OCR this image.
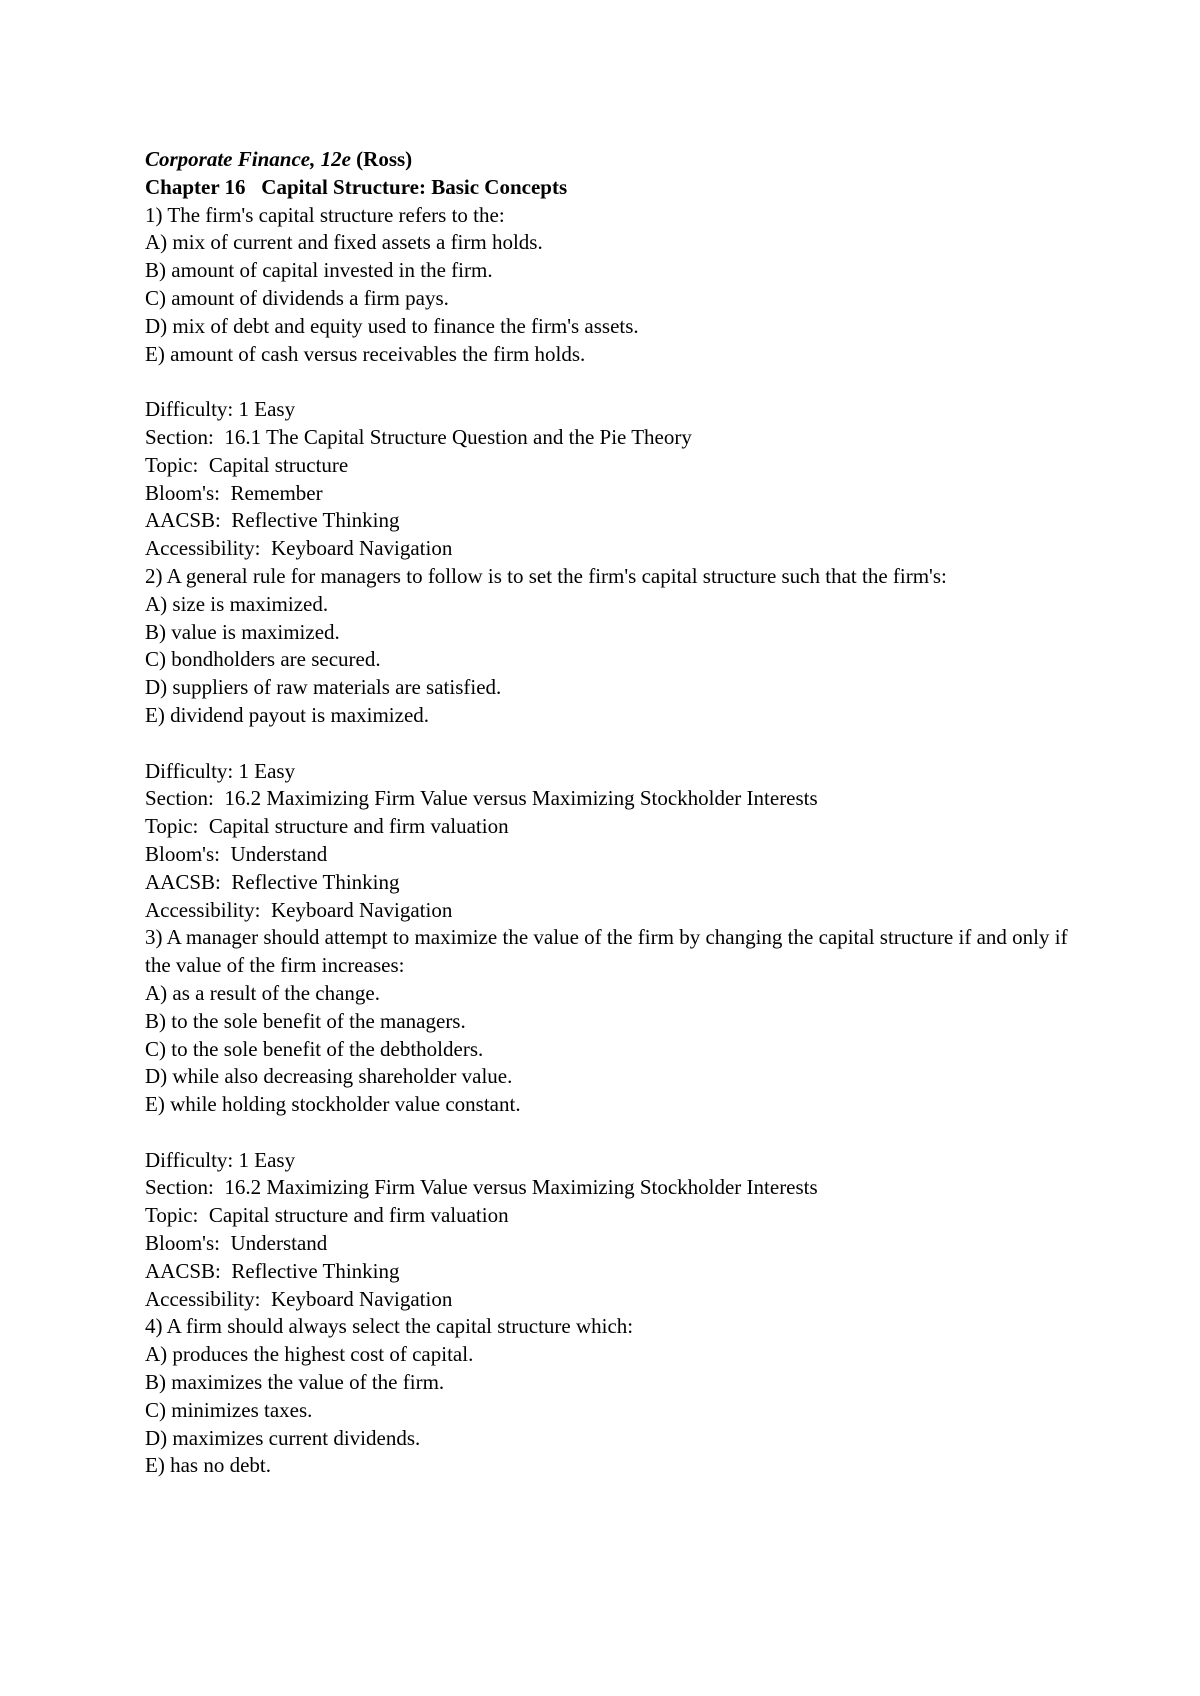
Corporate Finance, 12e (Ross)
Chapter 16   Capital Structure: Basic Concepts
1) The firm's capital structure refers to the:
A) mix of current and fixed assets a firm holds.
B) amount of capital invested in the firm.
C) amount of dividends a firm pays.
D) mix of debt and equity used to finance the firm's assets.
E) amount of cash versus receivables the firm holds.
Difficulty: 1 Easy
Section:  16.1 The Capital Structure Question and the Pie Theory
Topic:  Capital structure
Bloom's:  Remember
AACSB:  Reflective Thinking
Accessibility:  Keyboard Navigation
2) A general rule for managers to follow is to set the firm's capital structure such that the firm's:
A) size is maximized.
B) value is maximized.
C) bondholders are secured.
D) suppliers of raw materials are satisfied.
E) dividend payout is maximized.
Difficulty: 1 Easy
Section:  16.2 Maximizing Firm Value versus Maximizing Stockholder Interests
Topic:  Capital structure and firm valuation
Bloom's:  Understand
AACSB:  Reflective Thinking
Accessibility:  Keyboard Navigation
3) A manager should attempt to maximize the value of the firm by changing the capital structure if and only if the value of the firm increases:
A) as a result of the change.
B) to the sole benefit of the managers.
C) to the sole benefit of the debtholders.
D) while also decreasing shareholder value.
E) while holding stockholder value constant.
Difficulty: 1 Easy
Section:  16.2 Maximizing Firm Value versus Maximizing Stockholder Interests
Topic:  Capital structure and firm valuation
Bloom's:  Understand
AACSB:  Reflective Thinking
Accessibility:  Keyboard Navigation
4) A firm should always select the capital structure which:
A) produces the highest cost of capital.
B) maximizes the value of the firm.
C) minimizes taxes.
D) maximizes current dividends.
E) has no debt.
